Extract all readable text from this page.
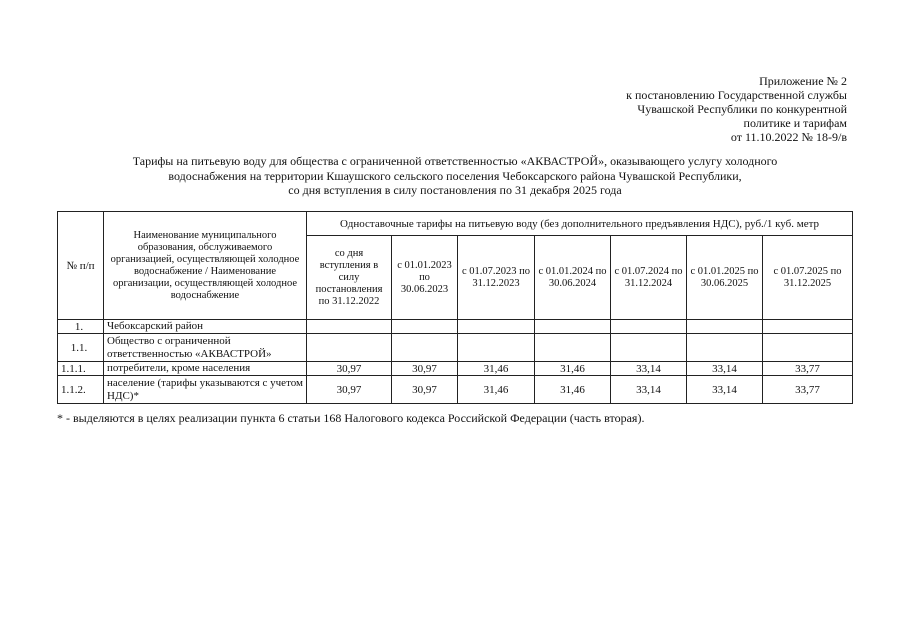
Приложение № 2
к постановлению Государственной службы
Чувашской Республики по конкурентной
политике и тарифам
от 11.10.2022 № 18-9/в
Тарифы на питьевую воду для общества с ограниченной ответственностью «АКВАСТРОЙ», оказывающего услугу холодного
водоснабжения на территории Кшаушского сельского поселения Чебоксарского района Чувашской Республики,
со дня вступления в силу постановления по 31 декабря 2025 года
№ п/п	Наименование муниципального образования, обслуживаемого организацией, осуществляющей холодное водоснабжение / Наименование организации, осуществляющей холодное водоснабжение	Одноставочные тарифы на питьевую воду (без дополнительного предъявления НДС), руб./1 куб. метр						
		со дня вступления в силу постановления по 31.12.2022	с 01.01.2023 по 30.06.2023	с 01.07.2023 по 31.12.2023	с 01.01.2024 по 30.06.2024	с 01.07.2024 по 31.12.2024	с 01.01.2025 по 30.06.2025	с 01.07.2025 по 31.12.2025
1.	Чебоксарский район							
1.1.	Общество с ограниченной ответственностью «АКВАСТРОЙ»							
1.1.1.	потребители, кроме населения	30,97	30,97	31,46	31,46	33,14	33,14	33,77
1.1.2.	население (тарифы указываются с учетом НДС)*	30,97	30,97	31,46	31,46	33,14	33,14	33,77
* - выделяются в целях реализации пункта 6 статьи 168 Налогового кодекса Российской Федерации (часть вторая).
